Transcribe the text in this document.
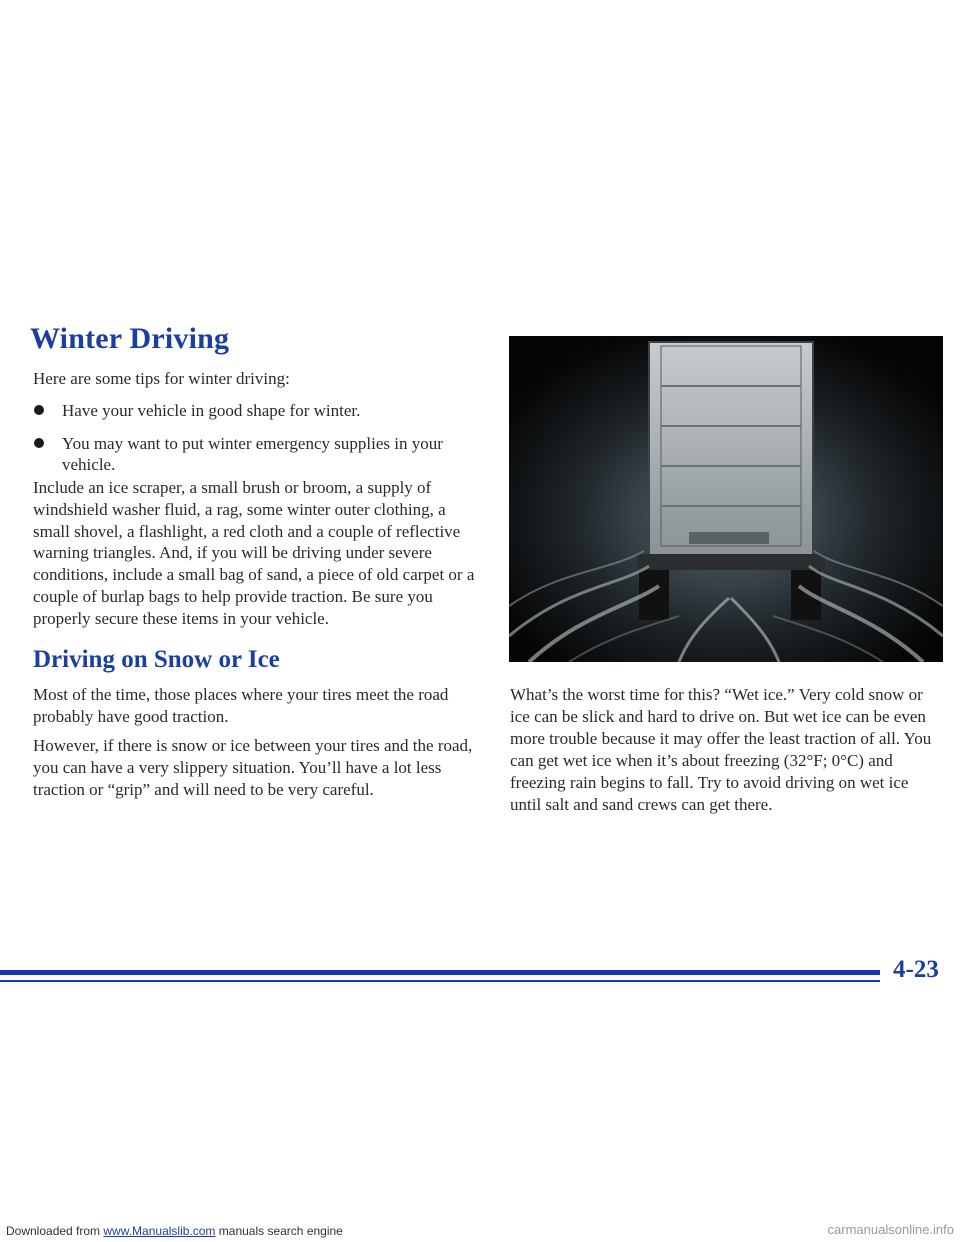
Winter Driving

Here are some tips for winter driving:

Have your vehicle in good shape for winter.
You may want to put winter emergency supplies in your vehicle.

Include an ice scraper, a small brush or broom, a supply of windshield washer fluid, a rag, some winter outer clothing, a small shovel, a flashlight, a red cloth and a couple of reflective warning triangles. And, if you will be driving under severe conditions, include a small bag of sand, a piece of old carpet or a couple of burlap bags to help provide traction. Be sure you properly secure these items in your vehicle.

Driving on Snow or Ice

Most of the time, those places where your tires meet the road probably have good traction.

However, if there is snow or ice between your tires and the road, you can have a very slippery situation. You’ll have a lot less traction or “grip” and will need to be very careful.

What’s the worst time for this? “Wet ice.” Very cold snow or ice can be slick and hard to drive on. But wet ice can be even more trouble because it may offer the least traction of all. You can get wet ice when it’s about freezing (32°F; 0°C) and freezing rain begins to fall. Try to avoid driving on wet ice until salt and sand crews can get there.

4-23

Downloaded from www.Manualslib.com manuals search engine	carmanualsonline.info
